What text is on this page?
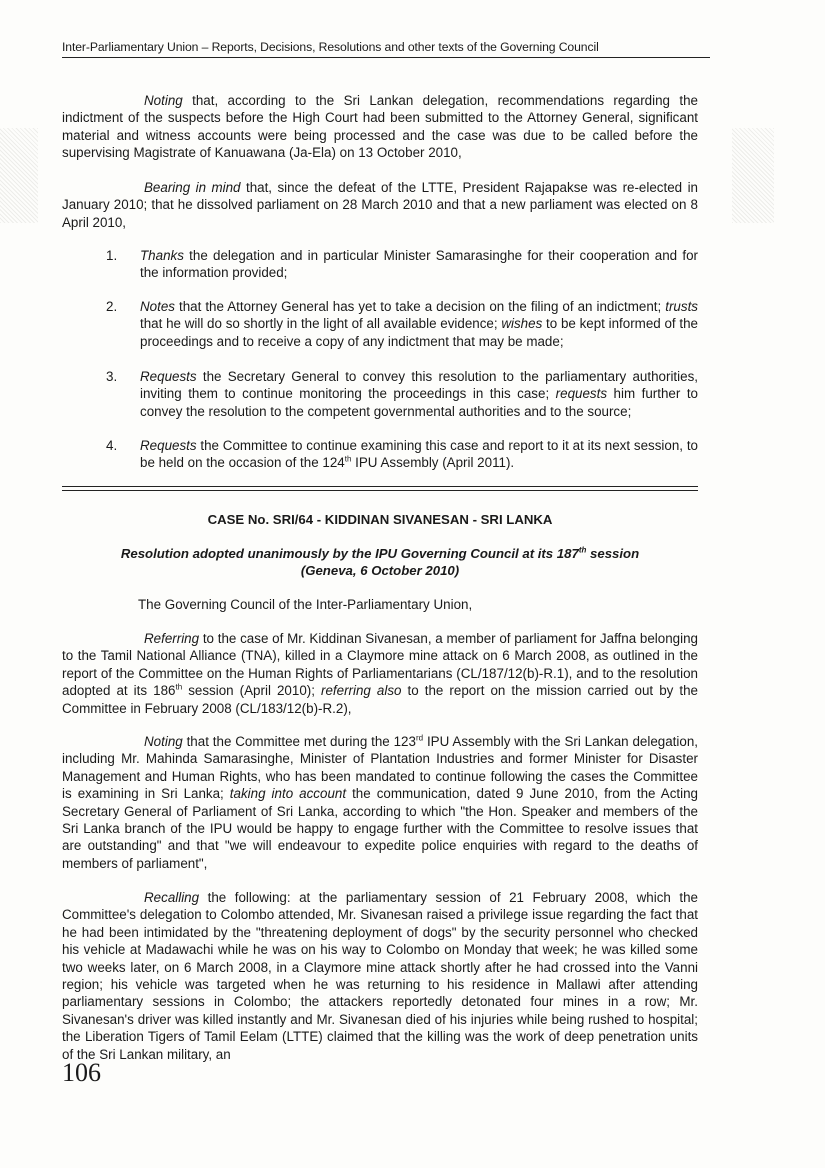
Inter-Parliamentary Union – Reports, Decisions, Resolutions and other texts of the Governing Council
Noting that, according to the Sri Lankan delegation, recommendations regarding the indictment of the suspects before the High Court had been submitted to the Attorney General, significant material and witness accounts were being processed and the case was due to be called before the supervising Magistrate of Kanuawana (Ja-Ela) on 13 October 2010,
Bearing in mind that, since the defeat of the LTTE, President Rajapakse was re-elected in January 2010; that he dissolved parliament on 28 March 2010 and that a new parliament was elected on 8 April 2010,
1. Thanks the delegation and in particular Minister Samarasinghe for their cooperation and for the information provided;
2. Notes that the Attorney General has yet to take a decision on the filing of an indictment; trusts that he will do so shortly in the light of all available evidence; wishes to be kept informed of the proceedings and to receive a copy of any indictment that may be made;
3. Requests the Secretary General to convey this resolution to the parliamentary authorities, inviting them to continue monitoring the proceedings in this case; requests him further to convey the resolution to the competent governmental authorities and to the source;
4. Requests the Committee to continue examining this case and report to it at its next session, to be held on the occasion of the 124th IPU Assembly (April 2011).
CASE No. SRI/64 - KIDDINAN SIVANESAN - SRI LANKA
Resolution adopted unanimously by the IPU Governing Council at its 187th session
(Geneva, 6 October 2010)
The Governing Council of the Inter-Parliamentary Union,
Referring to the case of Mr. Kiddinan Sivanesan, a member of parliament for Jaffna belonging to the Tamil National Alliance (TNA), killed in a Claymore mine attack on 6 March 2008, as outlined in the report of the Committee on the Human Rights of Parliamentarians (CL/187/12(b)-R.1), and to the resolution adopted at its 186th session (April 2010); referring also to the report on the mission carried out by the Committee in February 2008 (CL/183/12(b)-R.2),
Noting that the Committee met during the 123rd IPU Assembly with the Sri Lankan delegation, including Mr. Mahinda Samarasinghe, Minister of Plantation Industries and former Minister for Disaster Management and Human Rights, who has been mandated to continue following the cases the Committee is examining in Sri Lanka; taking into account the communication, dated 9 June 2010, from the Acting Secretary General of Parliament of Sri Lanka, according to which "the Hon. Speaker and members of the Sri Lanka branch of the IPU would be happy to engage further with the Committee to resolve issues that are outstanding" and that "we will endeavour to expedite police enquiries with regard to the deaths of members of parliament",
Recalling the following: at the parliamentary session of 21 February 2008, which the Committee's delegation to Colombo attended, Mr. Sivanesan raised a privilege issue regarding the fact that he had been intimidated by the "threatening deployment of dogs" by the security personnel who checked his vehicle at Madawachi while he was on his way to Colombo on Monday that week; he was killed some two weeks later, on 6 March 2008, in a Claymore mine attack shortly after he had crossed into the Vanni region; his vehicle was targeted when he was returning to his residence in Mallawi after attending parliamentary sessions in Colombo; the attackers reportedly detonated four mines in a row; Mr. Sivanesan's driver was killed instantly and Mr. Sivanesan died of his injuries while being rushed to hospital; the Liberation Tigers of Tamil Eelam (LTTE) claimed that the killing was the work of deep penetration units of the Sri Lankan military, an
106
